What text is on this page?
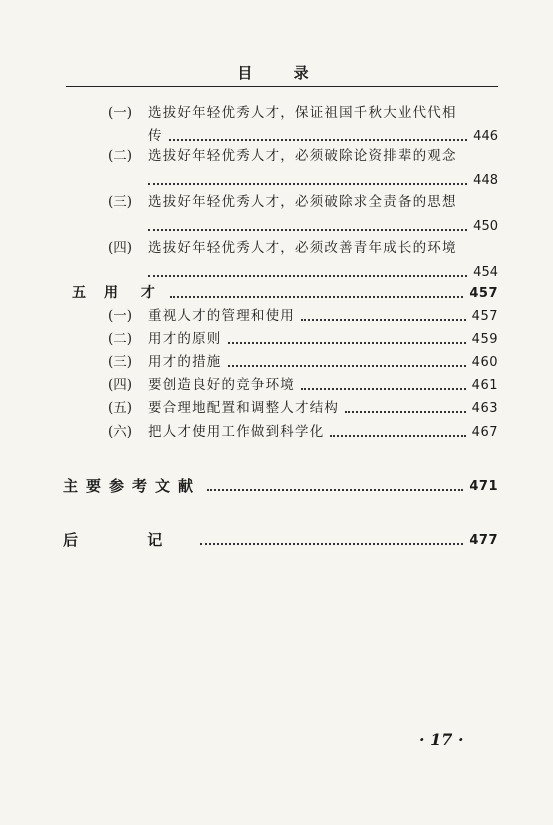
目 录
(一)	选拔好年轻优秀人才，保证祖国千秋大业代代相
传	446
(二)	选拔好年轻优秀人才，必须破除论资排辈的观念
448
(三)	选拔好年轻优秀人才，必须破除求全责备的思想
450
(四)	选拔好年轻优秀人才，必须改善青年成长的环境
454
五	用 才	457
(一)	重视人才的管理和使用	457
(二)	用才的原则	459
(三)	用才的措施	460
(四)	要创造良好的竞争环境	461
(五)	要合理地配置和调整人才结构	463
(六)	把人才使用工作做到科学化	467
主要参考文献	471
后 记	477
· 17 ·
